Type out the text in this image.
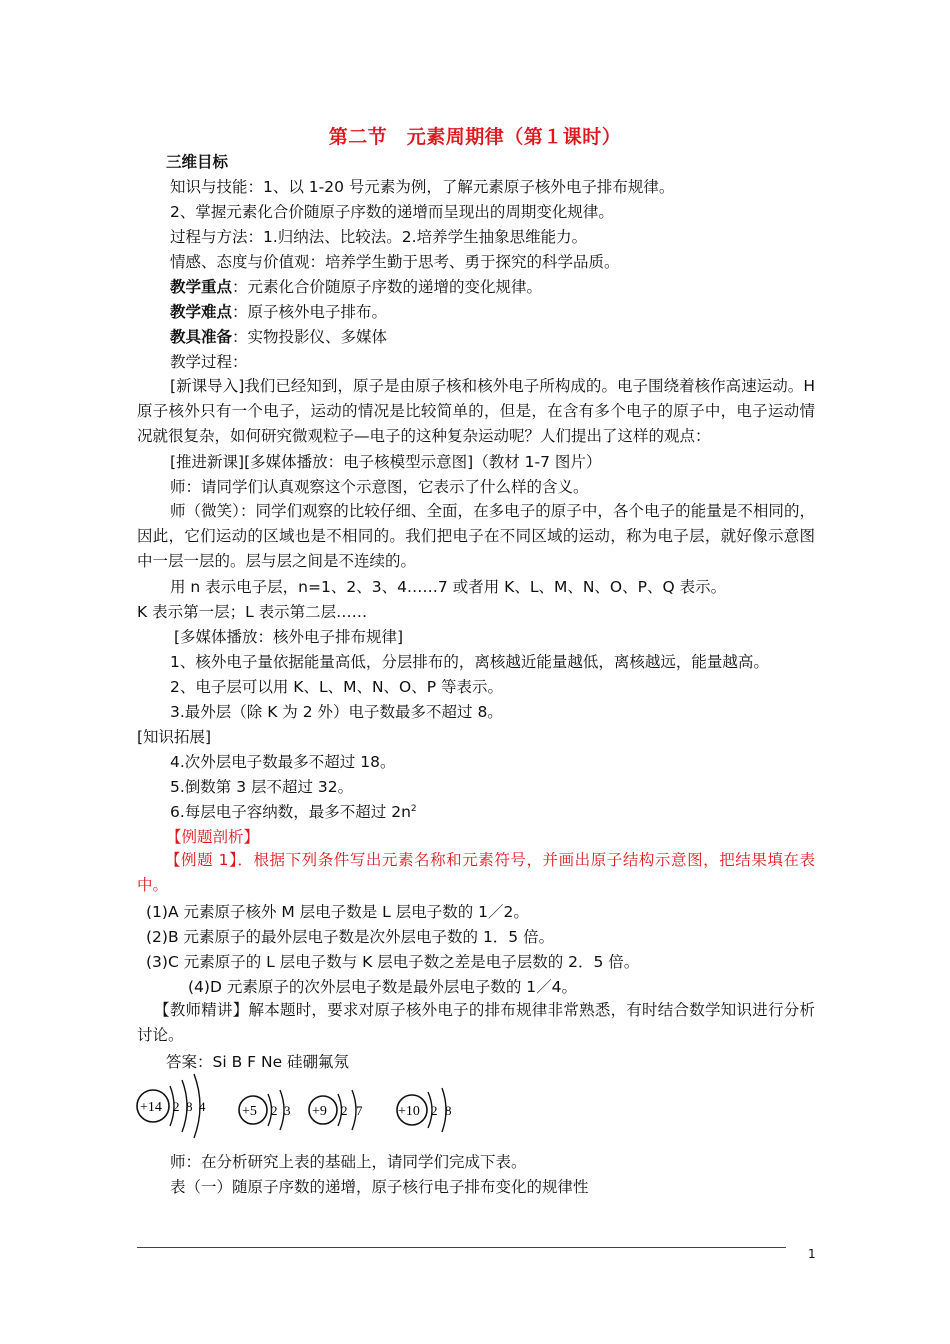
第二节　元素周期律（第１课时）
三维目标
知识与技能：1、以 1-20 号元素为例，了解元素原子核外电子排布规律。
2、掌握元素化合价随原子序数的递增而呈现出的周期变化规律。
过程与方法：1.归纳法、比较法。2.培养学生抽象思维能力。
情感、态度与价值观：培养学生勤于思考、勇于探究的科学品质。
教学重点：元素化合价随原子序数的递增的变化规律。
教学难点：原子核外电子排布。
教具准备：实物投影仪、多媒体
教学过程：
[新课导入]我们已经知到，原子是由原子核和核外电子所构成的。电子围绕着核作高速运动。H 原子核外只有一个电子，运动的情况是比较简单的，但是，在含有多个电子的原子中，电子运动情况就很复杂，如何研究微观粒子—电子的这种复杂运动呢？人们提出了这样的观点：
[推进新课][多媒体播放：电子核模型示意图]（教材 1-7 图片）
师：请同学们认真观察这个示意图，它表示了什么样的含义。
师（微笑）：同学们观察的比较仔细、全面，在多电子的原子中，各个电子的能量是不相同的，因此，它们运动的区域也是不相同的。我们把电子在不同区域的运动，称为电子层，就好像示意图中一层一层的。层与层之间是不连续的。
用 n 表示电子层，n=1、2、3、4……7 或者用 K、L、M、N、O、P、Q 表示。
K 表示第一层；L 表示第二层……
[多媒体播放：核外电子排布规律]
1、核外电子量依据能量高低，分层排布的，离核越近能量越低，离核越远，能量越高。
2、电子层可以用 K、L、M、N、O、P 等表示。
3.最外层（除 K 为 2 外）电子数最多不超过 8。
[知识拓展]
4.次外层电子数最多不超过 18。
5.倒数第 3 层不超过 32。
6.每层电子容纳数，最多不超过 $2n^2$
【例题剖析】
【例题 1】．根据下列条件写出元素名称和元素符号，并画出原子结构示意图，把结果填在表中。
(1)A 元素原子核外 M 层电子数是 L 层电子数的 1／2。
(2)B 元素原子的最外层电子数是次外层电子数的 1．5 倍。
(3)C 元素原子的 L 层电子数与 K 层电子数之差是电子层数的 2．5 倍。
(4)D 元素原子的次外层电子数是最外层电子数的 1／4。
【教师精讲】解本题时，要求对原子核外电子的排布规律非常熟悉，有时结合数学知识进行分析讨论。
答案：Si B F Ne 硅硼氟氖
+14 2 8 4	+5 2 3 +9 2 7	+10 2 8
师：在分析研究上表的基础上，请同学们完成下表。
表（一）随原子序数的递增，原子核行电子排布变化的规律性
1
